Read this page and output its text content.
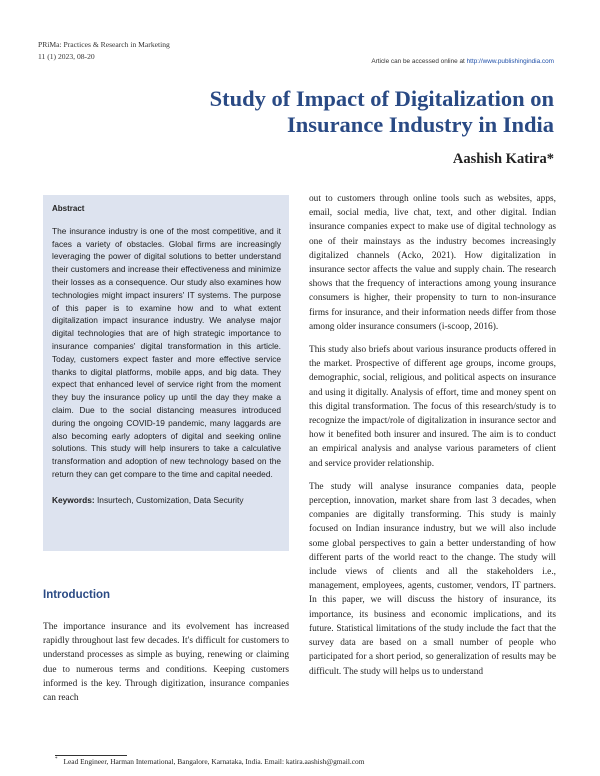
PRiMa: Practices & Research in Marketing
11 (1) 2023, 08-20
Article can be accessed online at http://www.publishingindia.com
Study of Impact of Digitalization on
Insurance Industry in India
Aashish Katira*
Abstract
The insurance industry is one of the most competitive, and it faces a variety of obstacles. Global firms are increasingly leveraging the power of digital solutions to better understand their customers and increase their effectiveness and minimize their losses as a consequence. Our study also examines how technologies might impact insurers' IT systems. The purpose of this paper is to examine how and to what extent digitalization impact insurance industry. We analyse major digital technologies that are of high strategic importance to insurance companies' digital transformation in this article. Today, customers expect faster and more effective service thanks to digital platforms, mobile apps, and big data. They expect that enhanced level of service right from the moment they buy the insurance policy up until the day they make a claim. Due to the social distancing measures introduced during the ongoing COVID-19 pandemic, many laggards are also becoming early adopters of digital and seeking online solutions. This study will help insurers to take a calculative transformation and adoption of new technology based on the return they can get compare to the time and capital needed.
Keywords: Insurtech, Customization, Data Security
Introduction

The importance insurance and its evolvement has increased rapidly throughout last few decades. It's difficult for customers to understand processes as simple as buying, renewing or claiming due to numerous terms and conditions. Keeping customers informed is the key. Through digitization, insurance companies can reach

out to customers through online tools such as websites, apps, email, social media, live chat, text, and other digital. Indian insurance companies expect to make use of digital technology as one of their mainstays as the industry becomes increasingly digitalized channels (Acko, 2021). How digitalization in insurance sector affects the value and supply chain. The research shows that the frequency of interactions among young insurance consumers is higher, their propensity to turn to non-insurance firms for insurance, and their information needs differ from those among older insurance consumers (i-scoop, 2016).

This study also briefs about various insurance products offered in the market. Prospective of different age groups, income groups, demographic, social, religious, and political aspects on insurance and using it digitally. Analysis of effort, time and money spent on this digital transformation. The focus of this research/study is to recognize the impact/role of digitalization in insurance sector and how it benefited both insurer and insured. The aim is to conduct an empirical analysis and analyse various parameters of client and service provider relationship.

The study will analyse insurance companies data, people perception, innovation, market share from last 3 decades, when companies are digitally transforming. This study is mainly focused on Indian insurance industry, but we will also include some global perspectives to gain a better understanding of how different parts of the world react to the change. The study will include views of clients and all the stakeholders i.e., management, employees, agents, customer, vendors, IT partners. In this paper, we will discuss the history of insurance, its importance, its business and economic implications, and its future. Statistical limitations of the study include the fact that the survey data are based on a small number of people who participated for a short period, so generalization of results may be difficult. The study will helps us to understand

* Lead Engineer, Harman International, Bangalore, Karnataka, India. Email: katira.aashish@gmail.com
